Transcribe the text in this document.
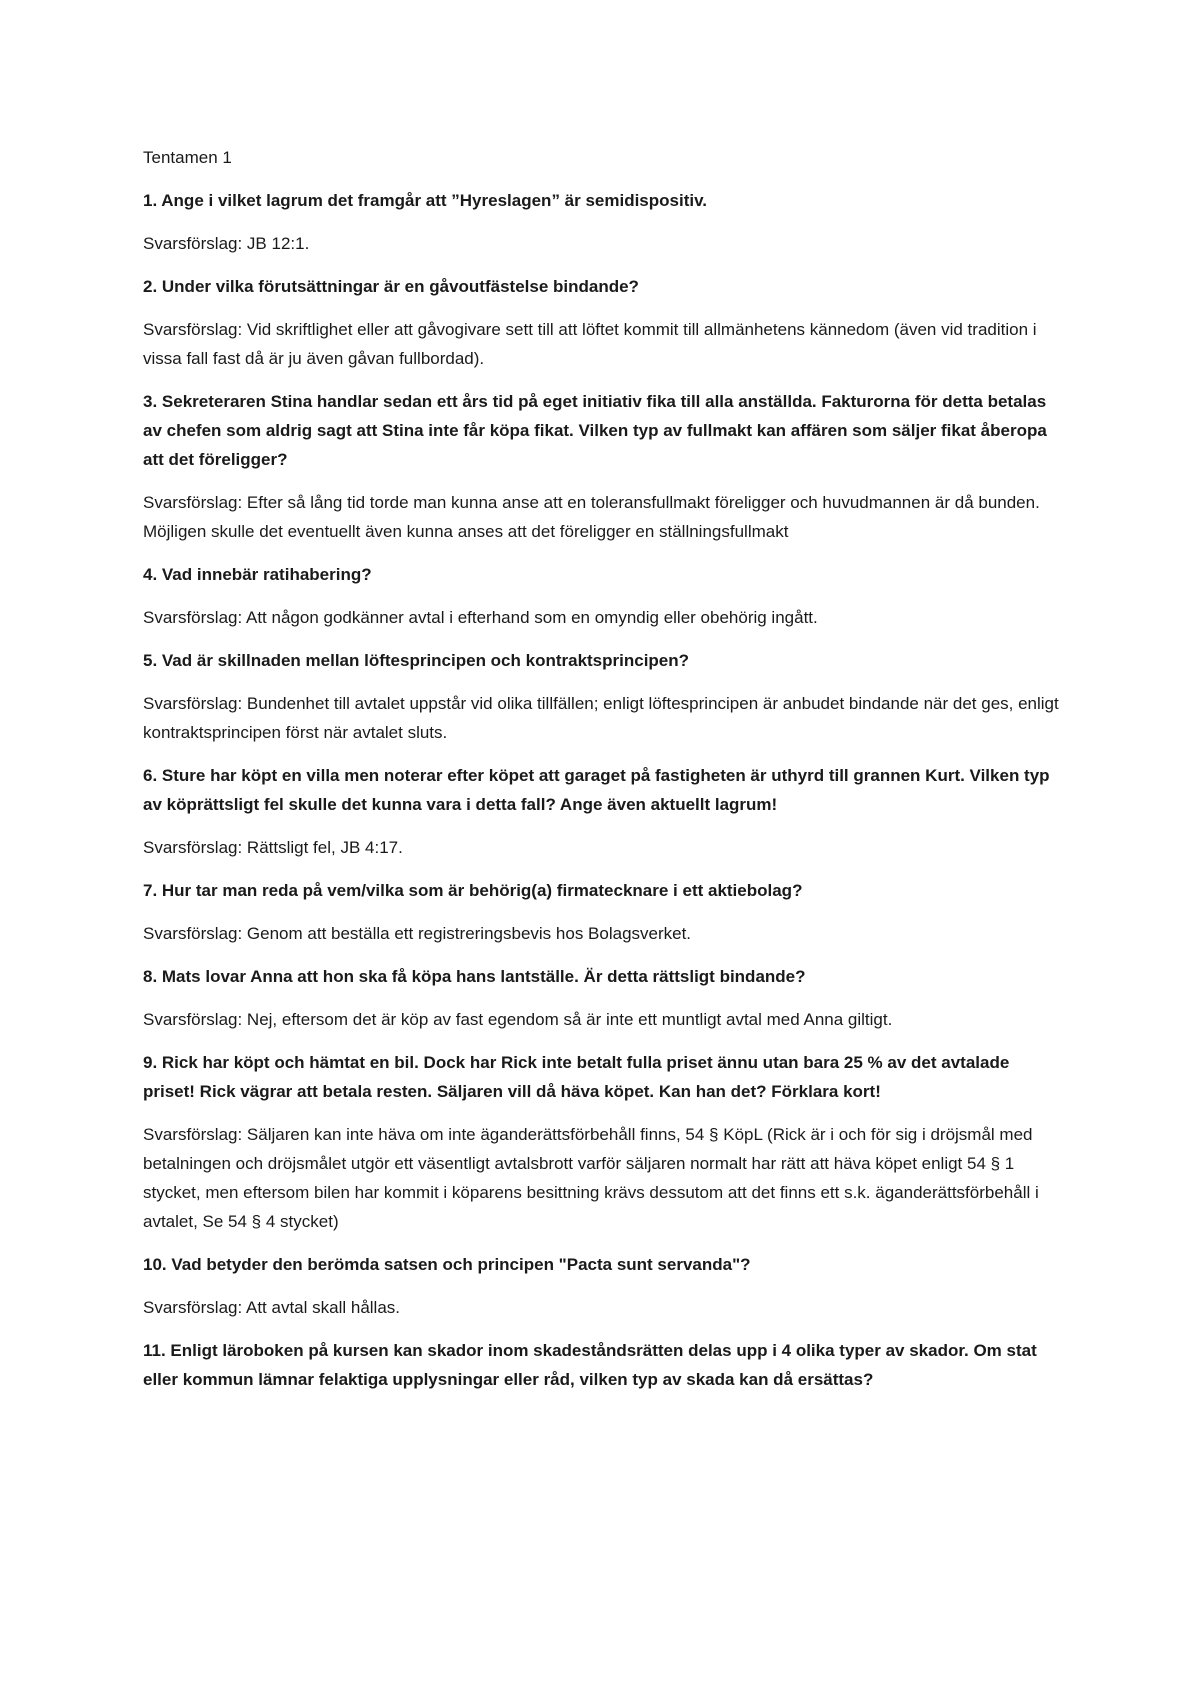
Tentamen 1

1. Ange i vilket lagrum det framgår att ”Hyreslagen” är semidispositiv.

Svarsförslag: JB 12:1.

2. Under vilka förutsättningar är en gåvoutfästelse bindande?

Svarsförslag: Vid skriftlighet eller att gåvogivare sett till att löftet kommit till allmänhetens kännedom (även vid tradition i vissa fall fast då är ju även gåvan fullbordad).

3. Sekreteraren Stina handlar sedan ett års tid på eget initiativ fika till alla anställda. Fakturorna för detta betalas av chefen som aldrig sagt att Stina inte får köpa fikat. Vilken typ av fullmakt kan affären som säljer fikat åberopa att det föreligger?

Svarsförslag: Efter så lång tid torde man kunna anse att en toleransfullmakt föreligger och huvudmannen är då bunden. Möjligen skulle det eventuellt även kunna anses att det föreligger en ställningsfullmakt

4. Vad innebär ratihabering?

Svarsförslag: Att någon godkänner avtal i efterhand som en omyndig eller obehörig ingått.

5. Vad är skillnaden mellan löftesprincipen och kontraktsprincipen?

Svarsförslag: Bundenhet till avtalet uppstår vid olika tillfällen; enligt löftesprincipen är anbudet bindande när det ges, enligt kontraktsprincipen först när avtalet sluts.

6. Sture har köpt en villa men noterar efter köpet att garaget på fastigheten är uthyrd till grannen Kurt. Vilken typ av köprättsligt fel skulle det kunna vara i detta fall? Ange även aktuellt lagrum!

Svarsförslag: Rättsligt fel, JB 4:17.

7. Hur tar man reda på vem/vilka som är behörig(a) firmatecknare i ett aktiebolag?

Svarsförslag: Genom att beställa ett registreringsbevis hos Bolagsverket.

8. Mats lovar Anna att hon ska få köpa hans lantställe. Är detta rättsligt bindande?

Svarsförslag: Nej, eftersom det är köp av fast egendom så är inte ett muntligt avtal med Anna giltigt.

9. Rick har köpt och hämtat en bil. Dock har Rick inte betalt fulla priset ännu utan bara 25 % av det avtalade priset! Rick vägrar att betala resten. Säljaren vill då häva köpet. Kan han det? Förklara kort!

Svarsförslag: Säljaren kan inte häva om inte äganderättsförbehåll finns, 54 § KöpL (Rick är i och för sig i dröjsmål med betalningen och dröjsmålet utgör ett väsentligt avtalsbrott varför säljaren normalt har rätt att häva köpet enligt 54 § 1 stycket, men eftersom bilen har kommit i köparens besittning krävs dessutom att det finns ett s.k. äganderättsförbehåll i avtalet, Se 54 § 4 stycket)

10. Vad betyder den berömda satsen och principen "Pacta sunt servanda"?

Svarsförslag: Att avtal skall hållas.

11. Enligt läroboken på kursen kan skador inom skadeståndsrätten delas upp i 4 olika typer av skador. Om stat eller kommun lämnar felaktiga upplysningar eller råd, vilken typ av skada kan då ersättas?
